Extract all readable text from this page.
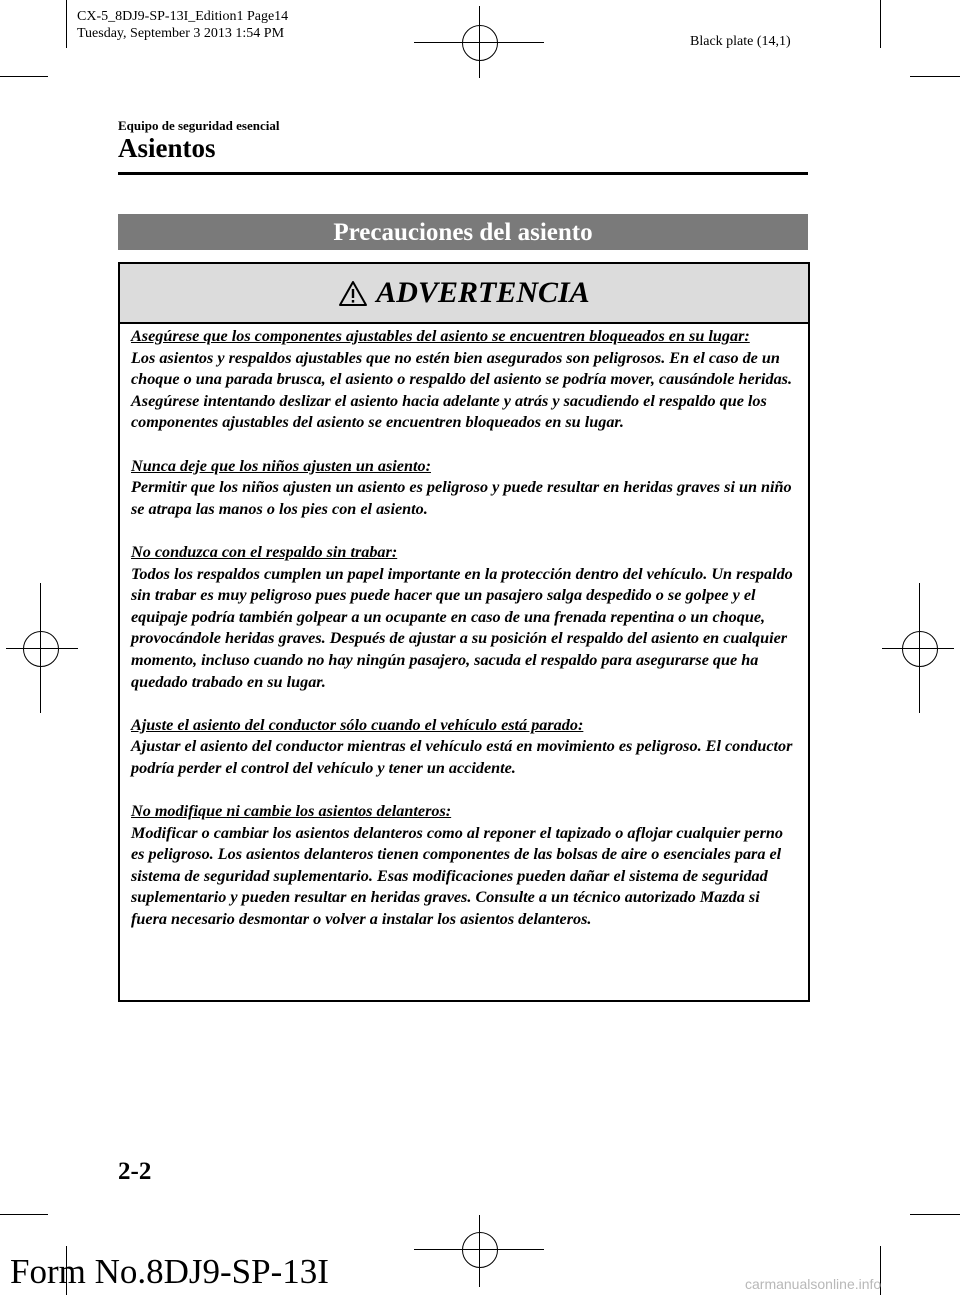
CX-5_8DJ9-SP-13I_Edition1 Page14
Tuesday, September 3 2013 1:54 PM
Black plate (14,1)
Equipo de seguridad esencial
Asientos
Precauciones del asiento
ADVERTENCIA
Asegúrese que los componentes ajustables del asiento se encuentren bloqueados en su lugar:
Los asientos y respaldos ajustables que no estén bien asegurados son peligrosos. En el caso de un choque o una parada brusca, el asiento o respaldo del asiento se podría mover, causándole heridas. Asegúrese intentando deslizar el asiento hacia adelante y atrás y sacudiendo el respaldo que los componentes ajustables del asiento se encuentren bloqueados en su lugar.
Nunca deje que los niños ajusten un asiento:
Permitir que los niños ajusten un asiento es peligroso y puede resultar en heridas graves si un niño se atrapa las manos o los pies con el asiento.
No conduzca con el respaldo sin trabar:
Todos los respaldos cumplen un papel importante en la protección dentro del vehículo. Un respaldo sin trabar es muy peligroso pues puede hacer que un pasajero salga despedido o se golpee y el equipaje podría también golpear a un ocupante en caso de una frenada repentina o un choque, provocándole heridas graves. Después de ajustar a su posición el respaldo del asiento en cualquier momento, incluso cuando no hay ningún pasajero, sacuda el respaldo para asegurarse que ha quedado trabado en su lugar.
Ajuste el asiento del conductor sólo cuando el vehículo está parado:
Ajustar el asiento del conductor mientras el vehículo está en movimiento es peligroso. El conductor podría perder el control del vehículo y tener un accidente.
No modifique ni cambie los asientos delanteros:
Modificar o cambiar los asientos delanteros como al reponer el tapizado o aflojar cualquier perno es peligroso. Los asientos delanteros tienen componentes de las bolsas de aire o esenciales para el sistema de seguridad suplementario. Esas modificaciones pueden dañar el sistema de seguridad suplementario y pueden resultar en heridas graves. Consulte a un técnico autorizado Mazda si fuera necesario desmontar o volver a instalar los asientos delanteros.
2-2
Form No.8DJ9-SP-13I	carmanualsonline.info
